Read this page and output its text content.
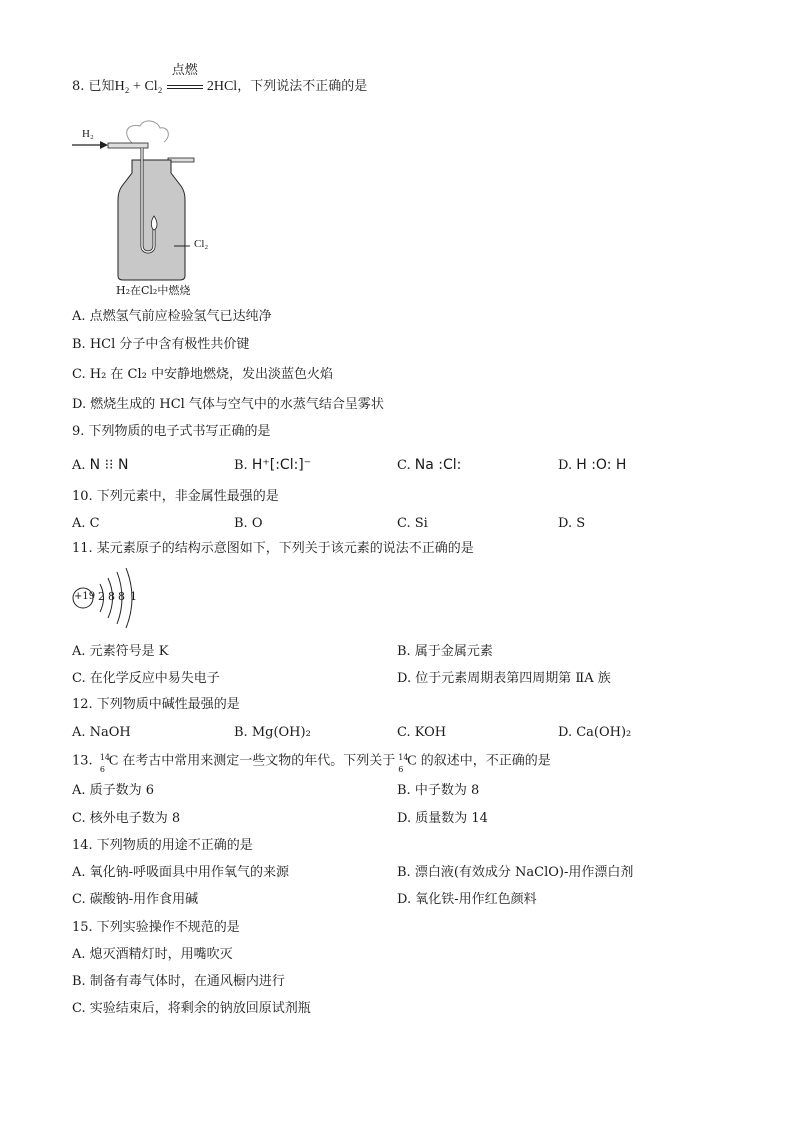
8. 已知H₂ + Cl₂
点燃
2HCl，下列说法不正确的是
Cl₂
H₂
H₂在Cl₂中燃烧
A. 点燃氢气前应检验氢气已达纯净
B. HCl 分子中含有极性共价键
C. H₂ 在 Cl₂ 中安静地燃烧，发出淡蓝色火焰
D. 燃烧生成的 HCl 气体与空气中的水蒸气结合呈雾状
9. 下列物质的电子式书写正确的是
A. N ⁝⁝ N	B. H⁺[:Cl:]⁻	C. Na :Cl:	D. H :O: H
10. 下列元素中，非金属性最强的是
A. C	B. O	C. Si	D. S
11. 某元素原子的结构示意图如下，下列关于该元素的说法不正确的是
+19 2 8 8 1
A. 元素符号是 K	B. 属于金属元素
C. 在化学反应中易失电子	D. 位于元素周期表第四周期第 ⅡA 族
12. 下列物质中碱性最强的是
A. NaOH	B. Mg(OH)₂	C. KOH	D. Ca(OH)₂
13. 14
6
C 在考古中常用来测定一些文物的年代。下列关于 14
6
C 的叙述中，不正确的是
A. 质子数为 6	B. 中子数为 8
C. 核外电子数为 8	D. 质量数为 14
14. 下列物质的用途不正确的是
A. 氧化钠-呼吸面具中用作氧气的来源	B. 漂白液(有效成分 NaClO)-用作漂白剂
C. 碳酸钠-用作食用碱	D. 氧化铁-用作红色颜料
15. 下列实验操作不规范的是
A. 熄灭酒精灯时，用嘴吹灭
B. 制备有毒气体时，在通风橱内进行
C. 实验结束后，将剩余的钠放回原试剂瓶
